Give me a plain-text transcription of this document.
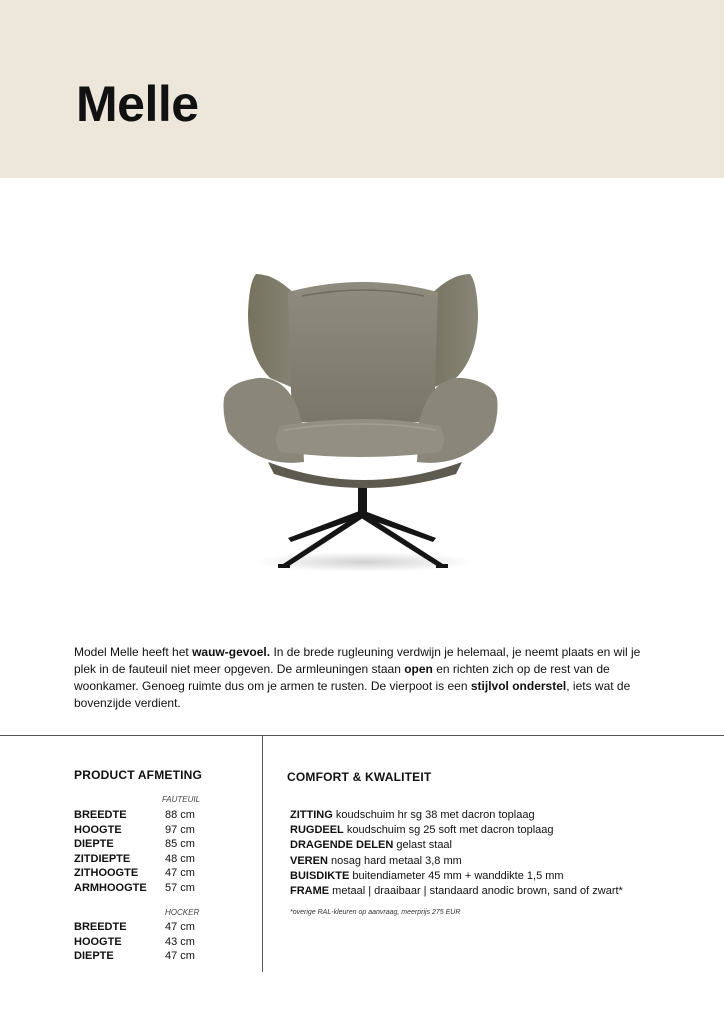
Melle

Model Melle heeft het wauw-gevoel. In de brede rugleuning verdwijn je helemaal, je neemt plaats en wil je plek in de fauteuil niet meer opgeven. De armleuningen staan open en richten zich op de rest van de woonkamer. Genoeg ruimte dus om je armen te rusten. De vierpoot is een stijlvol onderstel, iets wat de bovenzijde verdient.

PRODUCT AFMETING

FAUTEUIL

BREEDTE	88 cm
HOOGTE	97 cm
DIEPTE	85 cm
ZITDIEPTE	48 cm
ZITHOOGTE	47 cm
ARMHOOGTE	57 cm

HOCKER

BREEDTE	47 cm
HOOGTE	43 cm
DIEPTE	47 cm
COMFORT & KWALITEIT
ZITTING koudschuim hr sg 38 met dacron toplaag
RUGDEEL koudschuim sg 25 soft met dacron toplaag
DRAGENDE DELEN gelast staal
VEREN nosag hard metaal 3,8 mm
BUISDIKTE buitendiameter 45 mm + wanddikte 1,5 mm
FRAME metaal | draaibaar | standaard anodic brown, sand of zwart*

*overige RAL-kleuren op aanvraag, meerprijs 275 EUR
